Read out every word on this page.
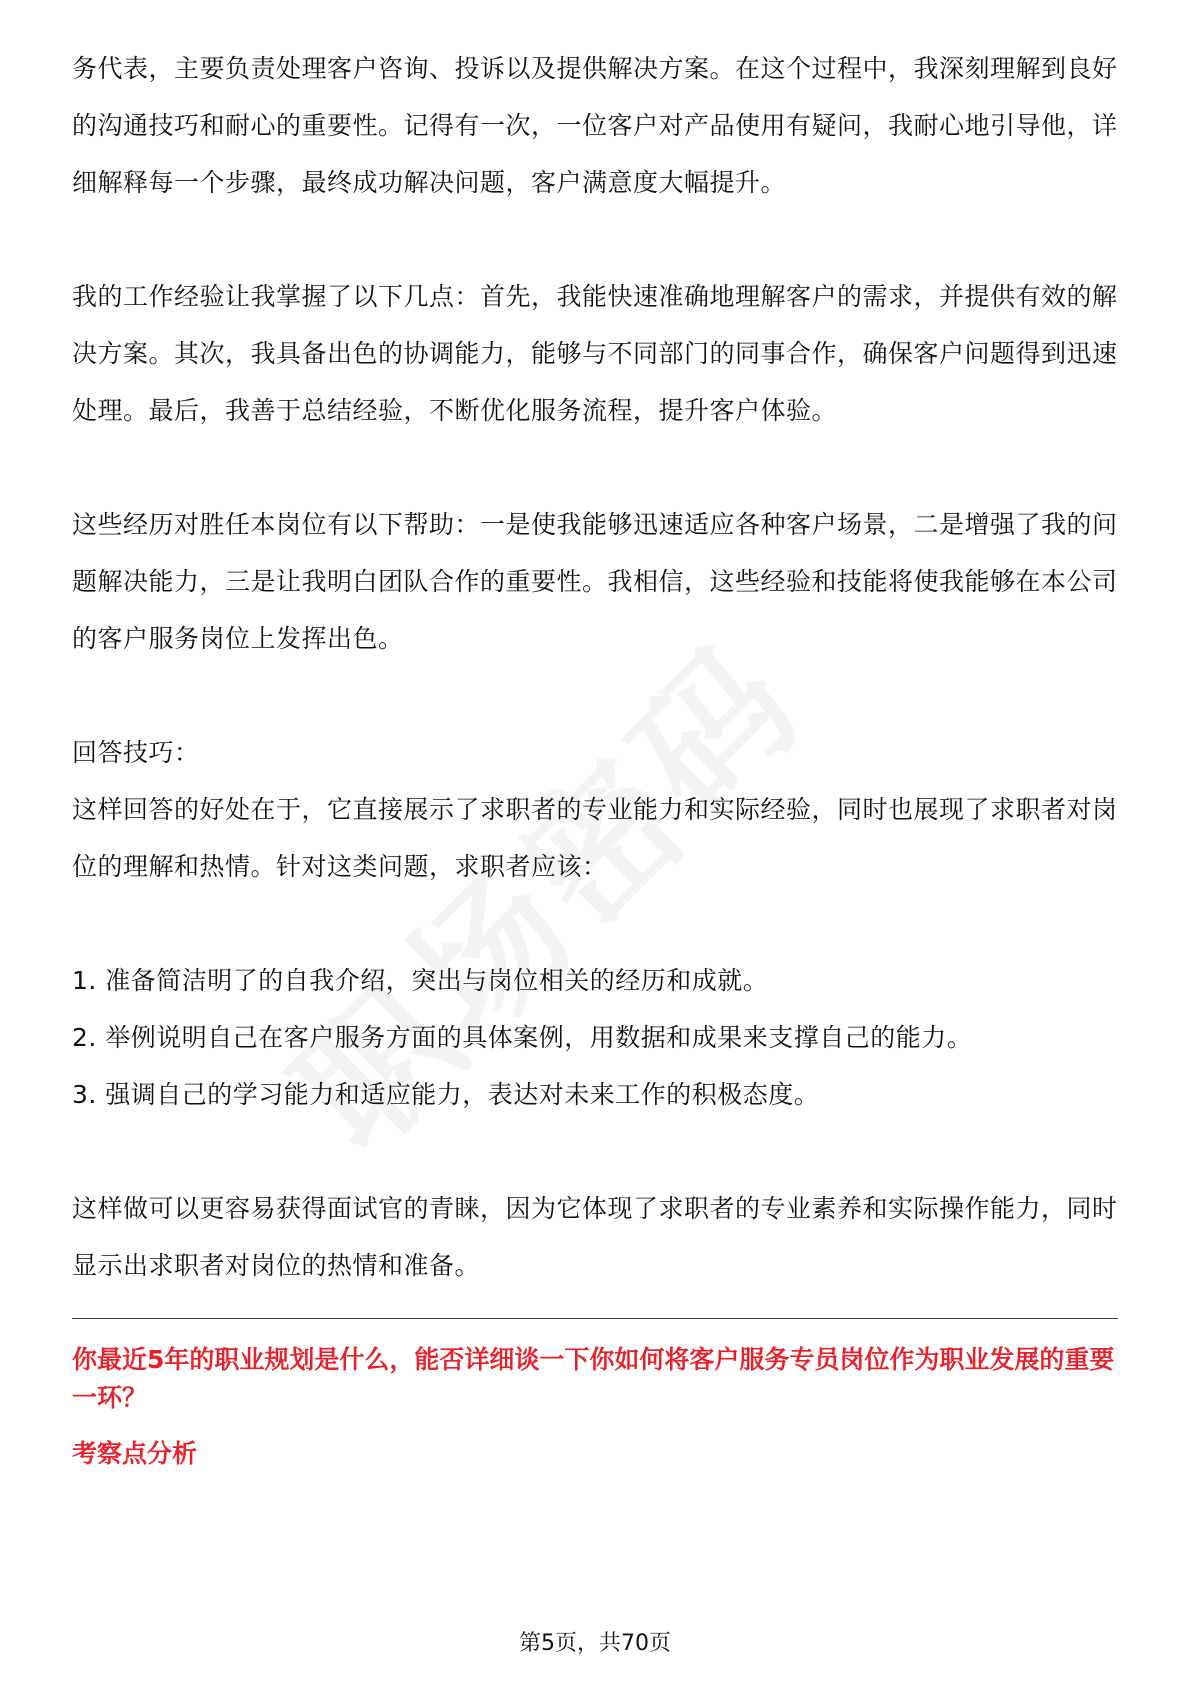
务代表，主要负责处理客户咨询、投诉以及提供解决方案。在这个过程中，我深刻理解到良好的沟通技巧和耐心的重要性。记得有一次，一位客户对产品使用有疑问，我耐心地引导他，详细解释每一个步骤，最终成功解决问题，客户满意度大幅提升。

我的工作经验让我掌握了以下几点：首先，我能快速准确地理解客户的需求，并提供有效的解决方案。其次，我具备出色的协调能力，能够与不同部门的同事合作，确保客户问题得到迅速处理。最后，我善于总结经验，不断优化服务流程，提升客户体验。

这些经历对胜任本岗位有以下帮助：一是使我能够迅速适应各种客户场景，二是增强了我的问题解决能力，三是让我明白团队合作的重要性。我相信，这些经验和技能将使我能够在本公司的客户服务岗位上发挥出色。

回答技巧：

这样回答的好处在于，它直接展示了求职者的专业能力和实际经验，同时也展现了求职者对岗位的理解和热情。针对这类问题，求职者应该：

1. 准备简洁明了的自我介绍，突出与岗位相关的经历和成就。

2. 举例说明自己在客户服务方面的具体案例，用数据和成果来支撑自己的能力。

3. 强调自己的学习能力和适应能力，表达对未来工作的积极态度。

这样做可以更容易获得面试官的青睐，因为它体现了求职者的专业素养和实际操作能力，同时显示出求职者对岗位的热情和准备。

你最近5年的职业规划是什么，能否详细谈一下你如何将客户服务专员岗位作为职业发展的重要一环？

考察点分析

第5页，共70页
